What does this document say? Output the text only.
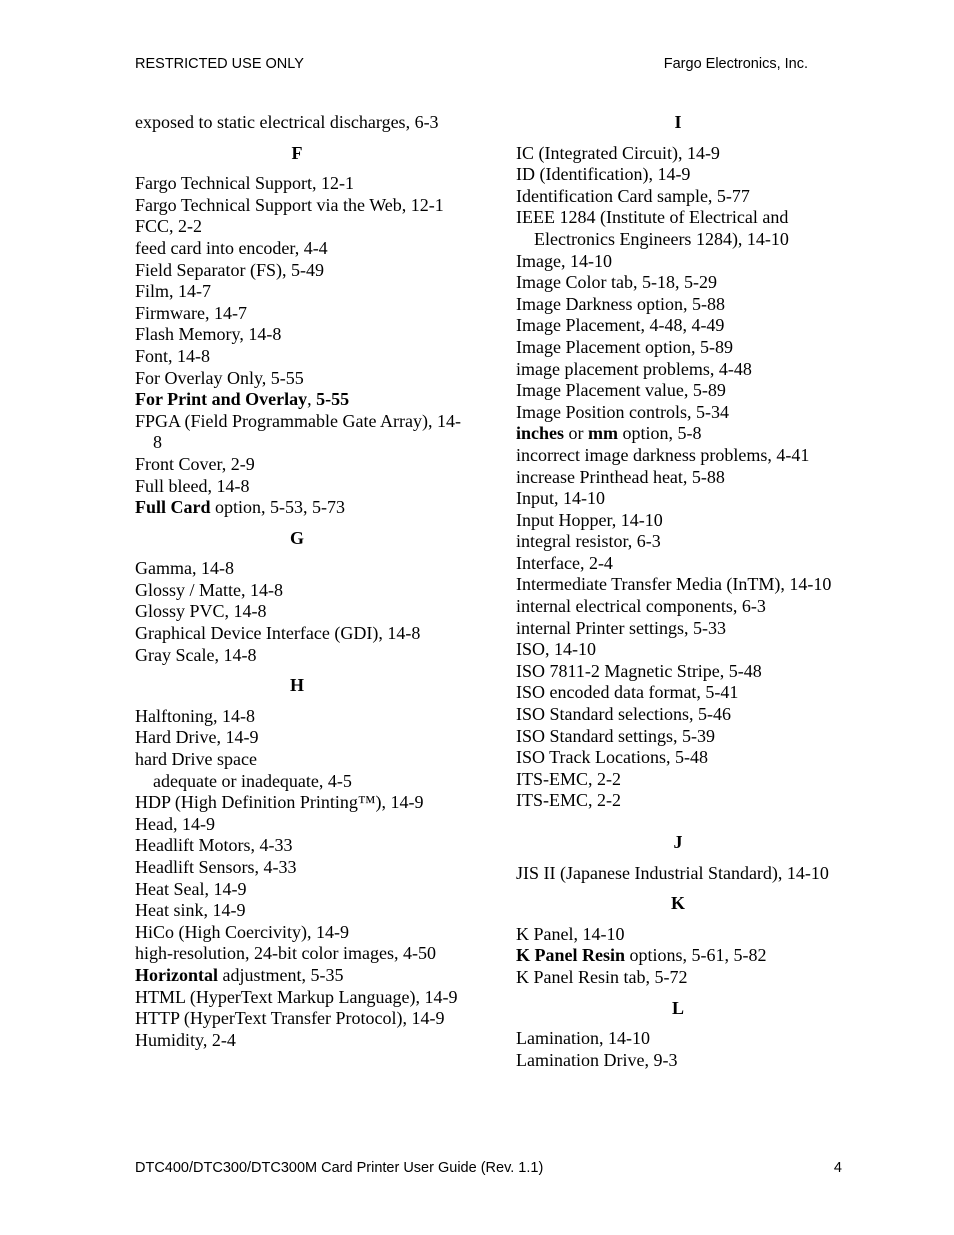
RESTRICTED USE ONLY	Fargo Electronics, Inc.
exposed to static electrical discharges, 6-3
F
Fargo Technical Support, 12-1
Fargo Technical Support via the Web, 12-1
FCC, 2-2
feed card into encoder, 4-4
Field Separator (FS), 5-49
Film, 14-7
Firmware, 14-7
Flash Memory, 14-8
Font, 14-8
For Overlay Only, 5-55
For Print and Overlay, 5-55
FPGA (Field Programmable Gate Array), 14-8
Front Cover, 2-9
Full bleed, 14-8
Full Card option, 5-53, 5-73
G
Gamma, 14-8
Glossy / Matte, 14-8
Glossy PVC, 14-8
Graphical Device Interface (GDI), 14-8
Gray Scale, 14-8
H
Halftoning, 14-8
Hard Drive, 14-9
hard Drive space
adequate or inadequate, 4-5
HDP (High Definition Printing™), 14-9
Head, 14-9
Headlift Motors, 4-33
Headlift Sensors, 4-33
Heat Seal, 14-9
Heat sink, 14-9
HiCo (High Coercivity), 14-9
high-resolution, 24-bit color images, 4-50
Horizontal adjustment, 5-35
HTML (HyperText Markup Language), 14-9
HTTP (HyperText Transfer Protocol), 14-9
Humidity, 2-4
I
IC (Integrated Circuit), 14-9
ID (Identification), 14-9
Identification Card sample, 5-77
IEEE 1284 (Institute of Electrical and Electronics Engineers 1284), 14-10
Image, 14-10
Image Color tab, 5-18, 5-29
Image Darkness option, 5-88
Image Placement, 4-48, 4-49
Image Placement option, 5-89
image placement problems, 4-48
Image Placement value, 5-89
Image Position controls, 5-34
inches or mm option, 5-8
incorrect image darkness problems, 4-41
increase Printhead heat, 5-88
Input, 14-10
Input Hopper, 14-10
integral resistor, 6-3
Interface, 2-4
Intermediate Transfer Media (InTM), 14-10
internal electrical components, 6-3
internal Printer settings, 5-33
ISO, 14-10
ISO 7811-2 Magnetic Stripe, 5-48
ISO encoded data format, 5-41
ISO Standard selections, 5-46
ISO Standard settings, 5-39
ISO Track Locations, 5-48
ITS-EMC, 2-2
ITS-EMC, 2-2
J
JIS II (Japanese Industrial Standard), 14-10
K
K Panel, 14-10
K Panel Resin options, 5-61, 5-82
K Panel Resin tab, 5-72
L
Lamination, 14-10
Lamination Drive, 9-3
DTC400/DTC300/DTC300M Card Printer User Guide (Rev. 1.1)	4
